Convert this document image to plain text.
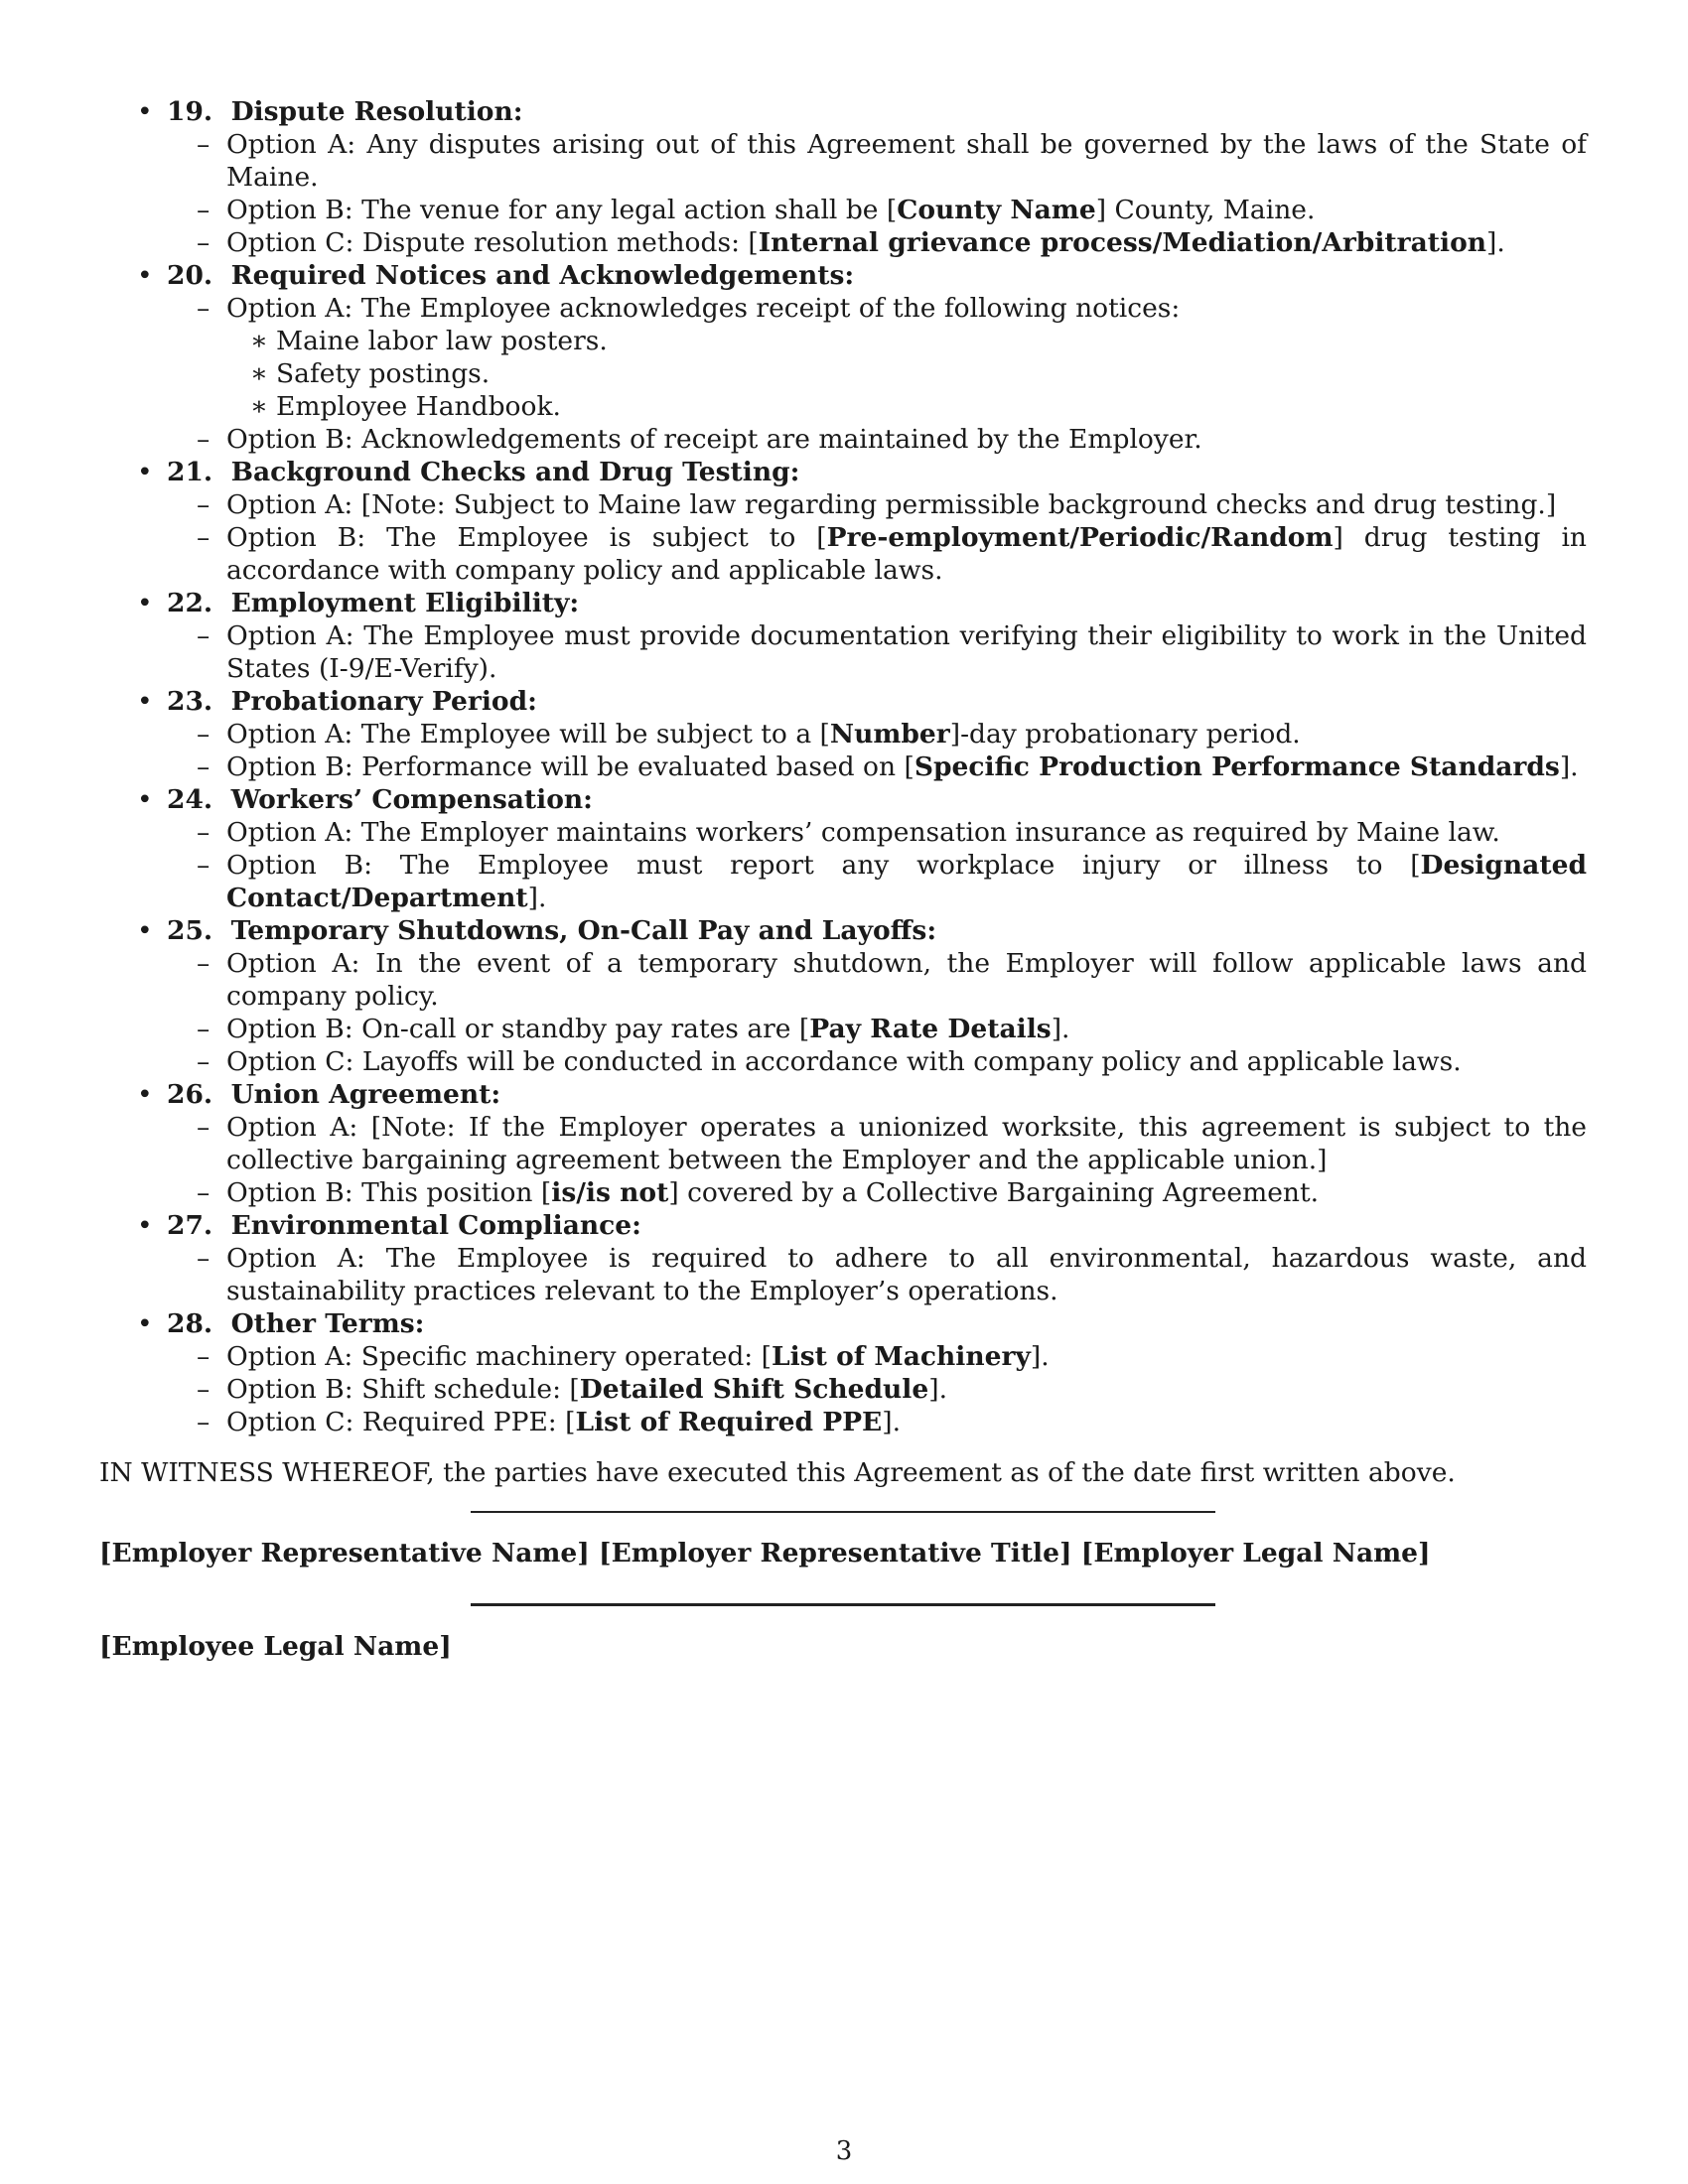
• 19. Dispute Resolution:
– Option A: Any disputes arising out of this Agreement shall be governed by the laws of the State of Maine.
– Option B: The venue for any legal action shall be [County Name] County, Maine.
– Option C: Dispute resolution methods: [Internal grievance process/Mediation/Arbitration].
• 20. Required Notices and Acknowledgements:
– Option A: The Employee acknowledges receipt of the following notices:
∗ Maine labor law posters.
∗ Safety postings.
∗ Employee Handbook.
– Option B: Acknowledgements of receipt are maintained by the Employer.
• 21. Background Checks and Drug Testing:
– Option A: [Note: Subject to Maine law regarding permissible background checks and drug testing.]
– Option B: The Employee is subject to [Pre-employment/Periodic/Random] drug testing in accordance with company policy and applicable laws.
• 22. Employment Eligibility:
– Option A: The Employee must provide documentation verifying their eligibility to work in the United States (I-9/E-Verify).
• 23. Probationary Period:
– Option A: The Employee will be subject to a [Number]-day probationary period.
– Option B: Performance will be evaluated based on [Specific Production Performance Standards].
• 24. Workers’ Compensation:
– Option A: The Employer maintains workers’ compensation insurance as required by Maine law.
– Option B: The Employee must report any workplace injury or illness to [Designated Contact/Department].
• 25. Temporary Shutdowns, On-Call Pay and Layoffs:
– Option A: In the event of a temporary shutdown, the Employer will follow applicable laws and company policy.
– Option B: On-call or standby pay rates are [Pay Rate Details].
– Option C: Layoffs will be conducted in accordance with company policy and applicable laws.
• 26. Union Agreement:
– Option A: [Note: If the Employer operates a unionized worksite, this agreement is subject to the collective bargaining agreement between the Employer and the applicable union.]
– Option B: This position [is/is not] covered by a Collective Bargaining Agreement.
• 27. Environmental Compliance:
– Option A: The Employee is required to adhere to all environmental, hazardous waste, and sustainability practices relevant to the Employer’s operations.
• 28. Other Terms:
– Option A: Specific machinery operated: [List of Machinery].
– Option B: Shift schedule: [Detailed Shift Schedule].
– Option C: Required PPE: [List of Required PPE].
IN WITNESS WHEREOF, the parties have executed this Agreement as of the date first written above.
[Employer Representative Name] [Employer Representative Title] [Employer Legal Name]
[Employee Legal Name]
3
